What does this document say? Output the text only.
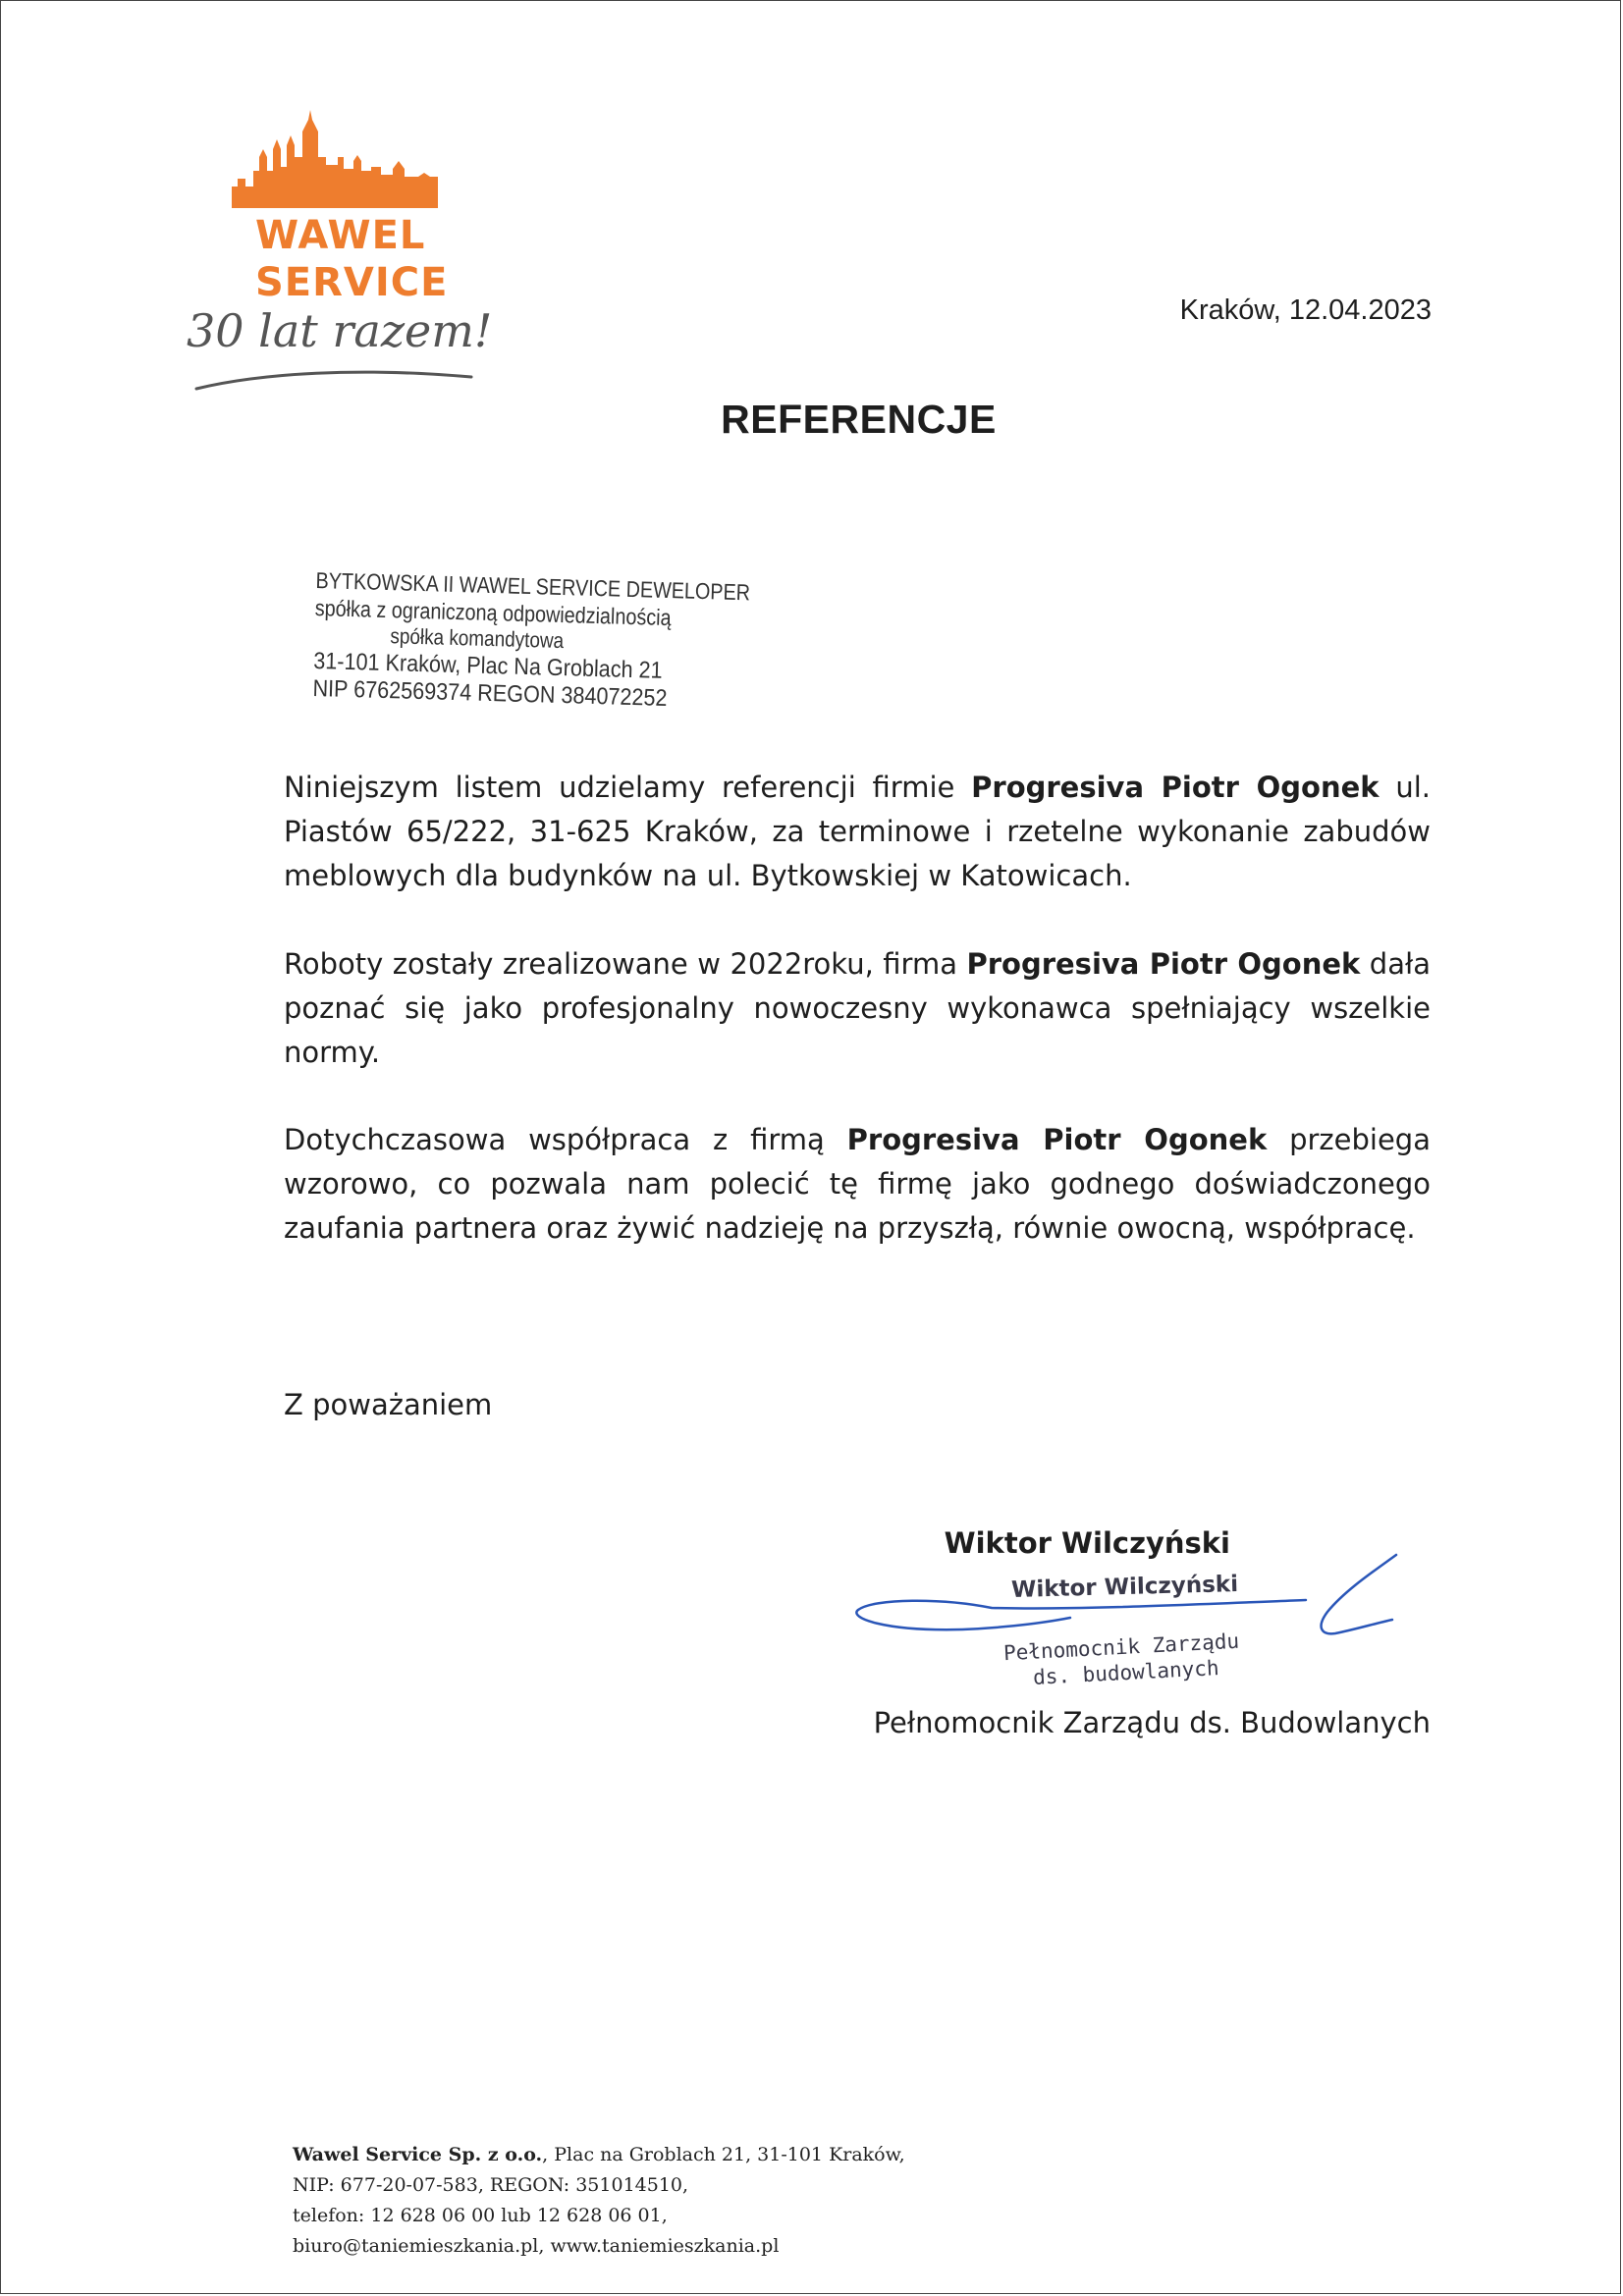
WAWEL
SERVICE
30 lat razem!	Kraków, 12.04.2023
REFERENCJE
BYTKOWSKA II WAWEL SERVICE DEWELOPER
spółka z ograniczoną odpowiedzialnością
spółka komandytowa
31-101 Kraków, Plac Na Groblach 21
NIP 6762569374 REGON 384072252

Niniejszym listem udzielamy referencji firmie Progresiva Piotr Ogonek ul. Piastów 65/222, 31-625 Kraków, za terminowe i rzetelne wykonanie zabudów meblowych dla budynków na ul. Bytkowskiej w Katowicach.

Roboty zostały zrealizowane w 2022roku, firma Progresiva Piotr Ogonek dała poznać się jako profesjonalny nowoczesny wykonawca spełniający wszelkie normy.

Dotychczasowa współpraca z firmą Progresiva Piotr Ogonek przebiega wzorowo, co pozwala nam polecić tę firmę jako godnego doświadczonego zaufania partnera oraz żywić nadzieję na przyszłą, równie owocną, współpracę.

Z poważaniem
Wiktor Wilczyński
Wiktor Wilczyński
Pełnomocnik Zarządu
ds. budowlanych
Pełnomocnik Zarządu ds. Budowlanych
Wawel Service Sp. z o.o., Plac na Groblach 21, 31-101 Kraków,
NIP: 677-20-07-583, REGON: 351014510,
telefon: 12 628 06 00 lub 12 628 06 01,
biuro@taniemieszkania.pl, www.taniemieszkania.pl
